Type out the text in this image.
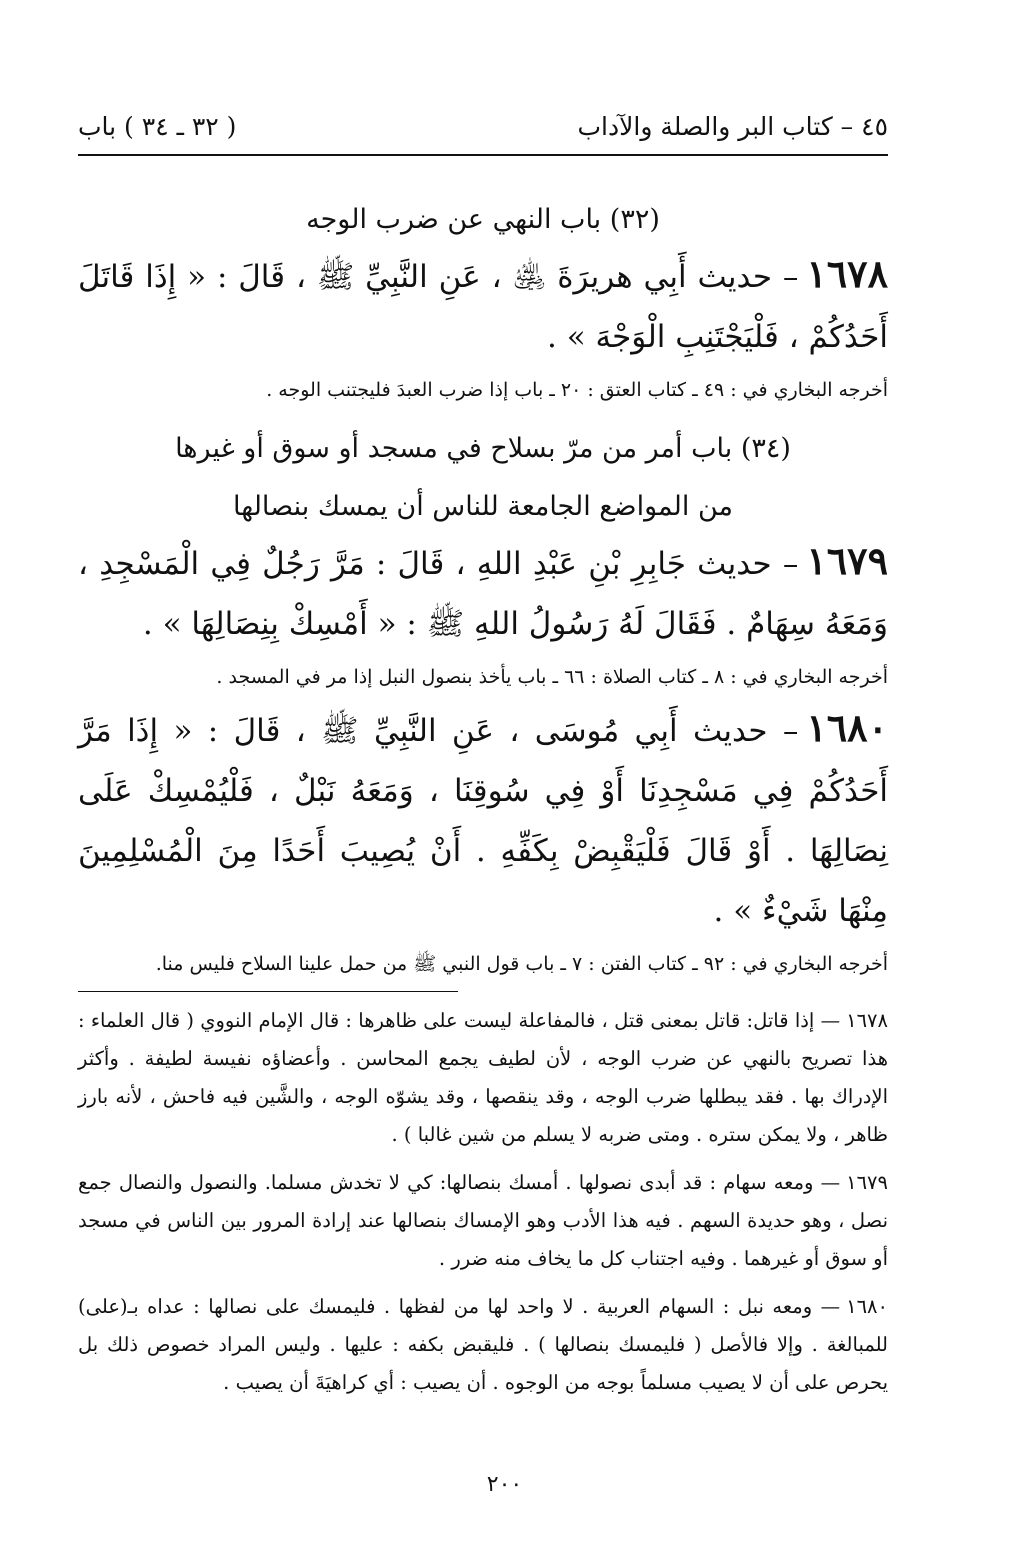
٤٥ – كتاب البر والصلة والآداب
( ٣٢ ـ ٣٤ ) باب
(٣٢) باب النهي عن ضرب الوجه
١٦٧٨– حديث أَبِي هريرَةَ ﵁ ، عَنِ النَّبِيِّ ﷺ ، قَالَ : « إِذَا قَاتَلَ أَحَدُكُمْ ، فَلْيَجْتَنِبِ الْوَجْهَ » .
أخرجه البخاري في : ٤٩ ـ كتاب العتق : ٢٠ ـ باب إذا ضرب العبدَ فليجتنب الوجه .
(٣٤) باب أمر من مرّ بسلاح في مسجد أو سوق أو غيرها
من المواضع الجامعة للناس أن يمسك بنصالها
١٦٧٩– حديث جَابِرِ بْنِ عَبْدِ اللهِ ، قَالَ : مَرَّ رَجُلٌ فِي الْمَسْجِدِ ، وَمَعَهُ سِهَامٌ . فَقَالَ لَهُ رَسُولُ اللهِ ﷺ : « أَمْسِكْ بِنِصَالِهَا » .
أخرجه البخاري في : ٨ ـ كتاب الصلاة : ٦٦ ـ باب يأخذ بنصول النبل إذا مر في المسجد .
١٦٨٠– حديث أَبِي مُوسَى ، عَنِ النَّبِيِّ ﷺ ، قَالَ : « إِذَا مَرَّ أَحَدُكُمْ فِي مَسْجِدِنَا أَوْ فِي سُوقِنَا ، وَمَعَهُ نَبْلٌ ، فَلْيُمْسِكْ عَلَى نِصَالِهَا . أَوْ قَالَ فَلْيَقْبِضْ بِكَفِّهِ . أَنْ يُصِيبَ أَحَدًا مِنَ الْمُسْلِمِينَ مِنْهَا شَيْءٌ » .
أخرجه البخاري في : ٩٢ ـ كتاب الفتن : ٧ ـ باب قول النبي ﷺ من حمل علينا السلاح فليس منا.
١٦٧٨— إذا قاتل: قاتل بمعنى قتل ، فالمفاعلة ليست على ظاهرها : قال الإمام النووي ( قال العلماء : هذا تصريح بالنهي عن ضرب الوجه ، لأن لطيف يجمع المحاسن . وأعضاؤه نفيسة لطيفة . وأكثر الإدراك بها . فقد يبطلها ضرب الوجه ، وقد ينقصها ، وقد يشوّه الوجه ، والشَّين فيه فاحش ، لأنه بارز ظاهر ، ولا يمكن ستره . ومتى ضربه لا يسلم من شين غالبا ) .
١٦٧٩— ومعه سهام : قد أبدى نصولها . أمسك بنصالها: كي لا تخدش مسلما. والنصول والنصال جمع نصل ، وهو حديدة السهم . فيه هذا الأدب وهو الإمساك بنصالها عند إرادة المرور بين الناس في مسجد أو سوق أو غيرهما . وفيه اجتناب كل ما يخاف منه ضرر .
١٦٨٠— ومعه نبل : السهام العربية . لا واحد لها من لفظها . فليمسك على نصالها : عداه بـ(على) للمبالغة . وإلا فالأصل ( فليمسك بنصالها ) . فليقبض بكفه : عليها . وليس المراد خصوص ذلك بل يحرص على أن لا يصيب مسلماً بوجه من الوجوه . أن يصيب : أي كراهيَةَ أن يصيب .
٢٠٠
